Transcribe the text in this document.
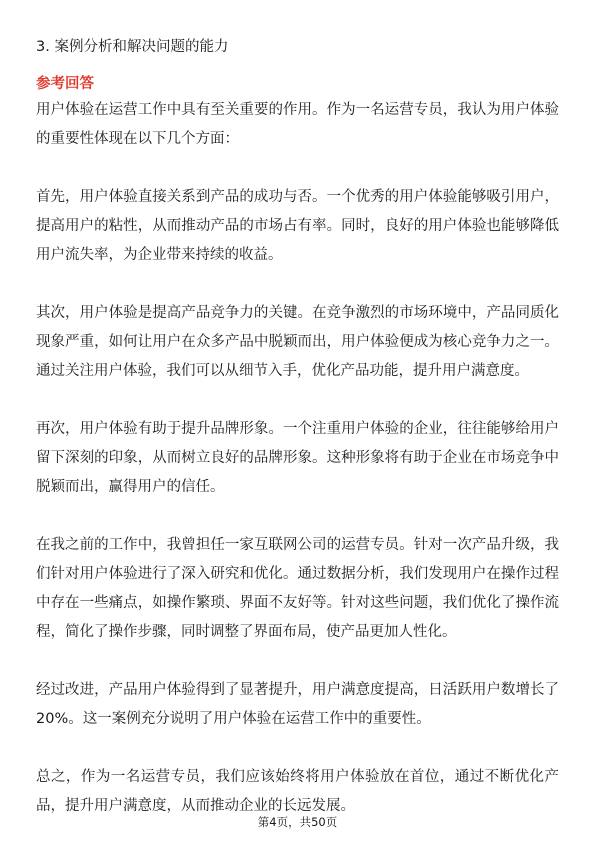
3. 案例分析和解决问题的能力
参考回答

用户体验在运营工作中具有至关重要的作用。作为一名运营专员，我认为用户体验的重要性体现在以下几个方面：

首先，用户体验直接关系到产品的成功与否。一个优秀的用户体验能够吸引用户，提高用户的粘性，从而推动产品的市场占有率。同时，良好的用户体验也能够降低用户流失率，为企业带来持续的收益。

其次，用户体验是提高产品竞争力的关键。在竞争激烈的市场环境中，产品同质化现象严重，如何让用户在众多产品中脱颖而出，用户体验便成为核心竞争力之一。通过关注用户体验，我们可以从细节入手，优化产品功能，提升用户满意度。

再次，用户体验有助于提升品牌形象。一个注重用户体验的企业，往往能够给用户留下深刻的印象，从而树立良好的品牌形象。这种形象将有助于企业在市场竞争中脱颖而出，赢得用户的信任。

在我之前的工作中，我曾担任一家互联网公司的运营专员。针对一次产品升级，我们针对用户体验进行了深入研究和优化。通过数据分析，我们发现用户在操作过程中存在一些痛点，如操作繁琐、界面不友好等。针对这些问题，我们优化了操作流程，简化了操作步骤，同时调整了界面布局，使产品更加人性化。

经过改进，产品用户体验得到了显著提升，用户满意度提高，日活跃用户数增长了20%。这一案例充分说明了用户体验在运营工作中的重要性。

总之，作为一名运营专员，我们应该始终将用户体验放在首位，通过不断优化产品，提升用户满意度，从而推动企业的长远发展。

第4页，共50页
